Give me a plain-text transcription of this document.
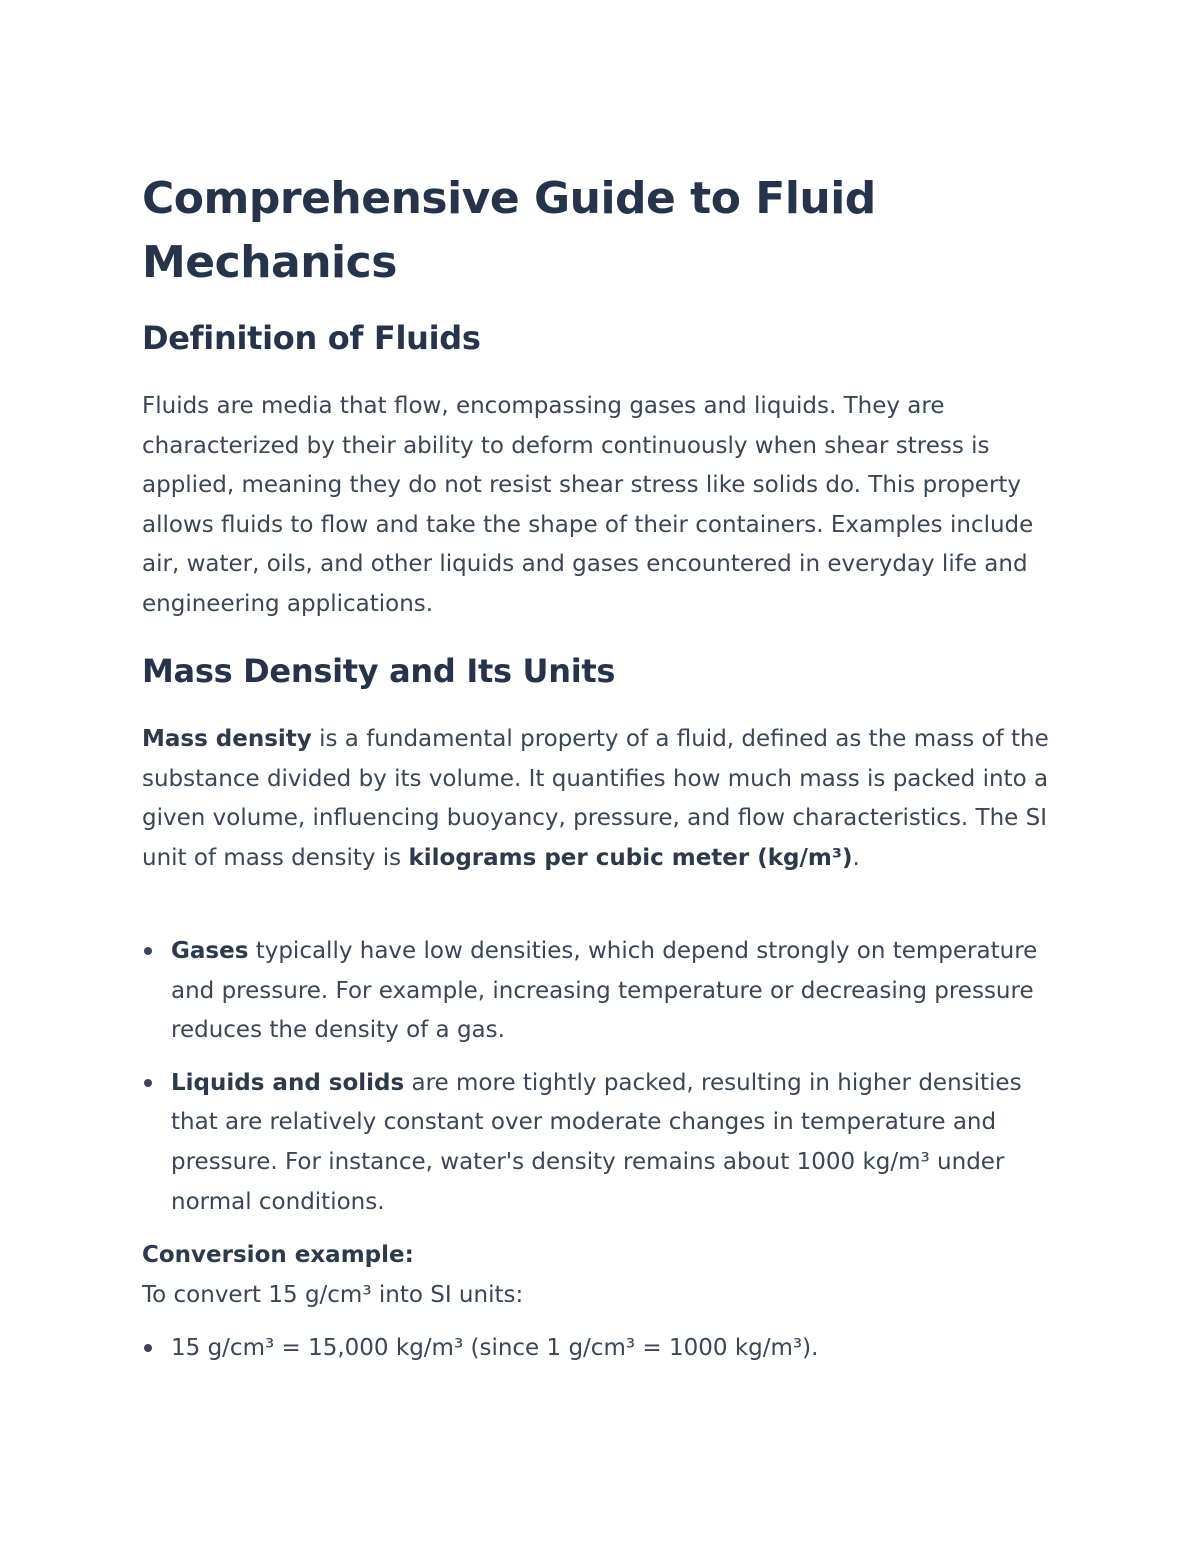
Comprehensive Guide to Fluid Mechanics
Definition of Fluids

Fluids are media that flow, encompassing gases and liquids. They are characterized by their ability to deform continuously when shear stress is applied, meaning they do not resist shear stress like solids do. This property allows fluids to flow and take the shape of their containers. Examples include air, water, oils, and other liquids and gases encountered in everyday life and engineering applications.

Mass Density and Its Units

Mass density is a fundamental property of a fluid, defined as the mass of the substance divided by its volume. It quantifies how much mass is packed into a given volume, influencing buoyancy, pressure, and flow characteristics. The SI unit of mass density is kilograms per cubic meter (kg/m³).

Gases typically have low densities, which depend strongly on temperature and pressure. For example, increasing temperature or decreasing pressure reduces the density of a gas.
Liquids and solids are more tightly packed, resulting in higher densities that are relatively constant over moderate changes in temperature and pressure. For instance, water's density remains about 1000 kg/m³ under normal conditions.

Conversion example:
To convert 15 g/cm³ into SI units:

15 g/cm³ = 15,000 kg/m³ (since 1 g/cm³ = 1000 kg/m³).
